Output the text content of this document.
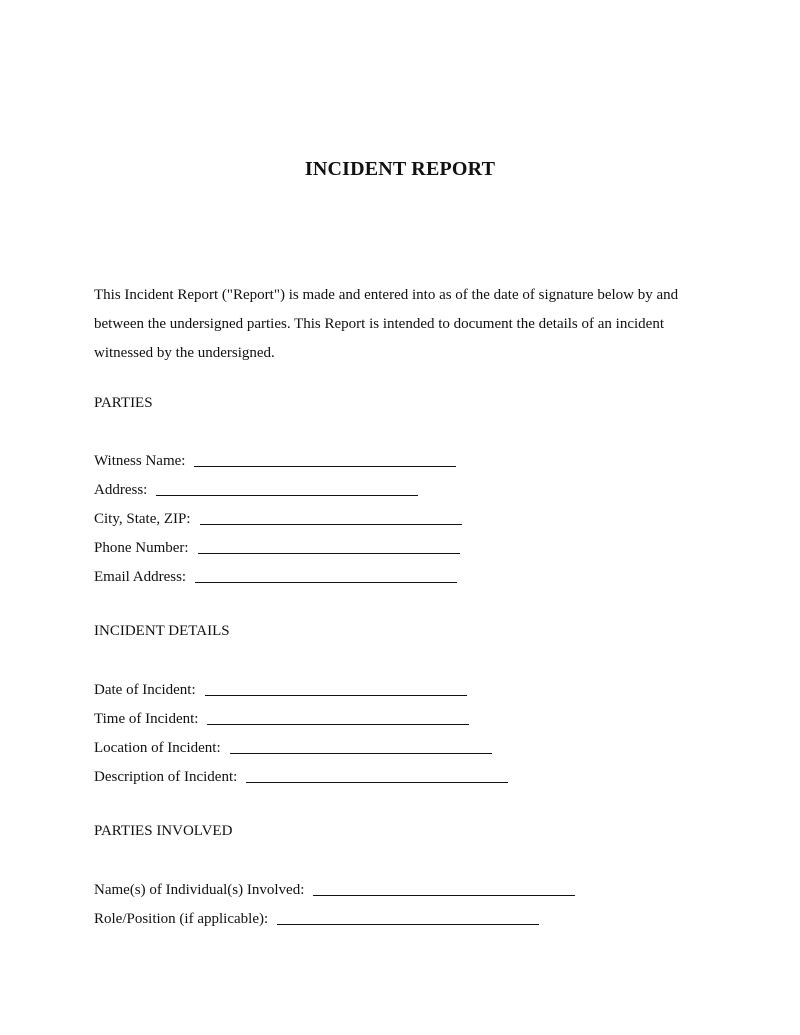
INCIDENT REPORT
This Incident Report ("Report") is made and entered into as of the date of signature below by and between the undersigned parties. This Report is intended to document the details of an incident witnessed by the undersigned.
PARTIES
Witness Name:
Address:
City, State, ZIP:
Phone Number:
Email Address:
INCIDENT DETAILS
Date of Incident:
Time of Incident:
Location of Incident:
Description of Incident:
PARTIES INVOLVED
Name(s) of Individual(s) Involved:
Role/Position (if applicable):
